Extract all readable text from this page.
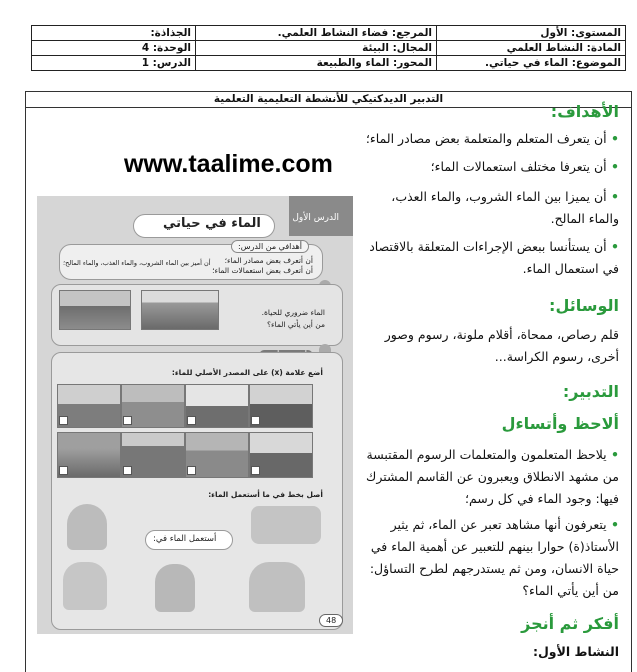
المستوى: الأول	المرجع: فضاء النشاط العلمي.	الجذاذة:
المادة: النشاط العلمي	المجال: البيئة	الوحدة: 4
الموضوع: الماء في حياتي.	المحور: الماء والطبيعة	الدرس: 1
التدبير الديدكتيكي للأنشطة التعليمية التعلمية
الأهداف:
• أن يتعرف المتعلم والمتعلمة بعض مصادر الماء؛
• أن يتعرفا مختلف استعمالات الماء؛
• أن يميزا بين الماء الشروب، والماء العذب، والماء المالح.
• أن يستأنسا ببعض الإجراءات المتعلقة بالاقتصاد في استعمال الماء.
الوسائل:
قلم رصاص، ممحاة، أقلام ملونة، رسوم وصور أخرى، رسوم الكراسة...
التدبير:
ألاحظ وأتساءل
• يلاحظ المتعلمون والمتعلمات الرسوم المقتبسة من مشهد الانطلاق ويعبرون عن القاسم المشترك فيها: وجود الماء في كل رسم؛
• يتعرفون أنها مشاهد تعبر عن الماء، ثم يثير الأستاذ(ة) حوارا بينهم للتعبير عن أهمية الماء في حياة الانسان، ومن ثم يستدرجهم لطرح التساؤل: من أين يأتي الماء؟
أفكر ثم أنجز
النشاط الأول:
www.taalime.com
الدرس الأول
الماء في حياتي
أهدافي من الدرس:
أن أتعرف بعض مصادر الماء؛
أن أتعرف بعض استعمالات الماء؛
أن أميز بين الماء الشروب، والماء العذب، والماء المالح؛
الماء ضروري للحياة.
من أين يأتي الماء؟
أضع علامة (x) على المصدر الأصلي للماء:
أصل بخط في ما أستعمل الماء:
أستعمل الماء في:
48
